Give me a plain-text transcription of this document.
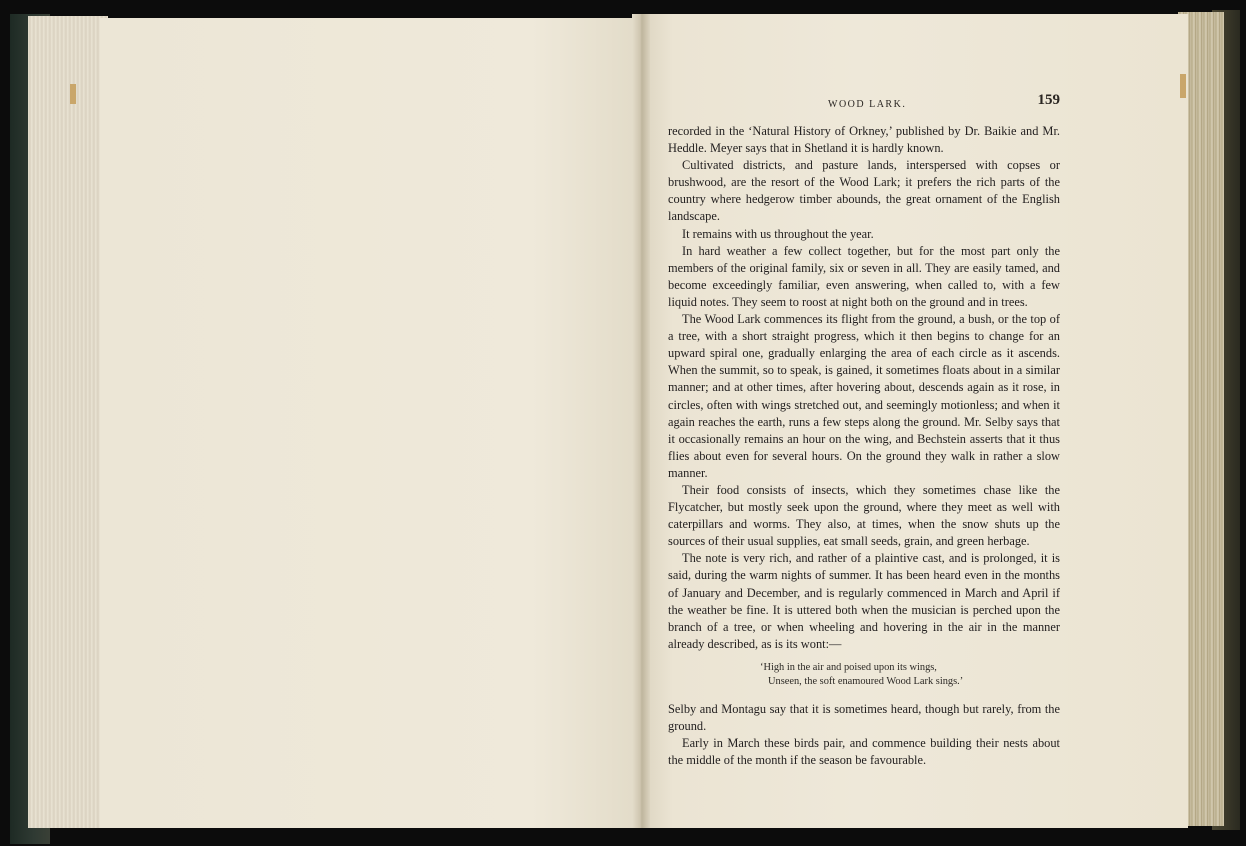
WOOD LARK.	159

recorded in the ‘Natural History of Orkney,’ published by Dr. Baikie and Mr. Heddle. Meyer says that in Shetland it is hardly known.

Cultivated districts, and pasture lands, interspersed with copses or brushwood, are the resort of the Wood Lark; it prefers the rich parts of the country where hedgerow timber abounds, the great ornament of the English landscape.

It remains with us throughout the year.

In hard weather a few collect together, but for the most part only the members of the original family, six or seven in all. They are easily tamed, and become exceedingly familiar, even answering, when called to, with a few liquid notes. They seem to roost at night both on the ground and in trees.

The Wood Lark commences its flight from the ground, a bush, or the top of a tree, with a short straight progress, which it then begins to change for an upward spiral one, gradually enlarging the area of each circle as it ascends. When the summit, so to speak, is gained, it sometimes floats about in a similar manner; and at other times, after hovering about, descends again as it rose, in circles, often with wings stretched out, and seemingly motionless; and when it again reaches the earth, runs a few steps along the ground. Mr. Selby says that it occasionally remains an hour on the wing, and Bechstein asserts that it thus flies about even for several hours. On the ground they walk in rather a slow manner.

Their food consists of insects, which they sometimes chase like the Flycatcher, but mostly seek upon the ground, where they meet as well with caterpillars and worms. They also, at times, when the snow shuts up the sources of their usual supplies, eat small seeds, grain, and green herbage.

The note is very rich, and rather of a plaintive cast, and is prolonged, it is said, during the warm nights of summer. It has been heard even in the months of January and December, and is regularly commenced in March and April if the weather be fine. It is uttered both when the musician is perched upon the branch of a tree, or when wheeling and hovering in the air in the manner already described, as is its wont:—

‘High in the air and poised upon its wings,
Unseen, the soft enamoured Wood Lark sings.’

Selby and Montagu say that it is sometimes heard, though but rarely, from the ground.

Early in March these birds pair, and commence building their nests about the middle of the month if the season be favourable.
